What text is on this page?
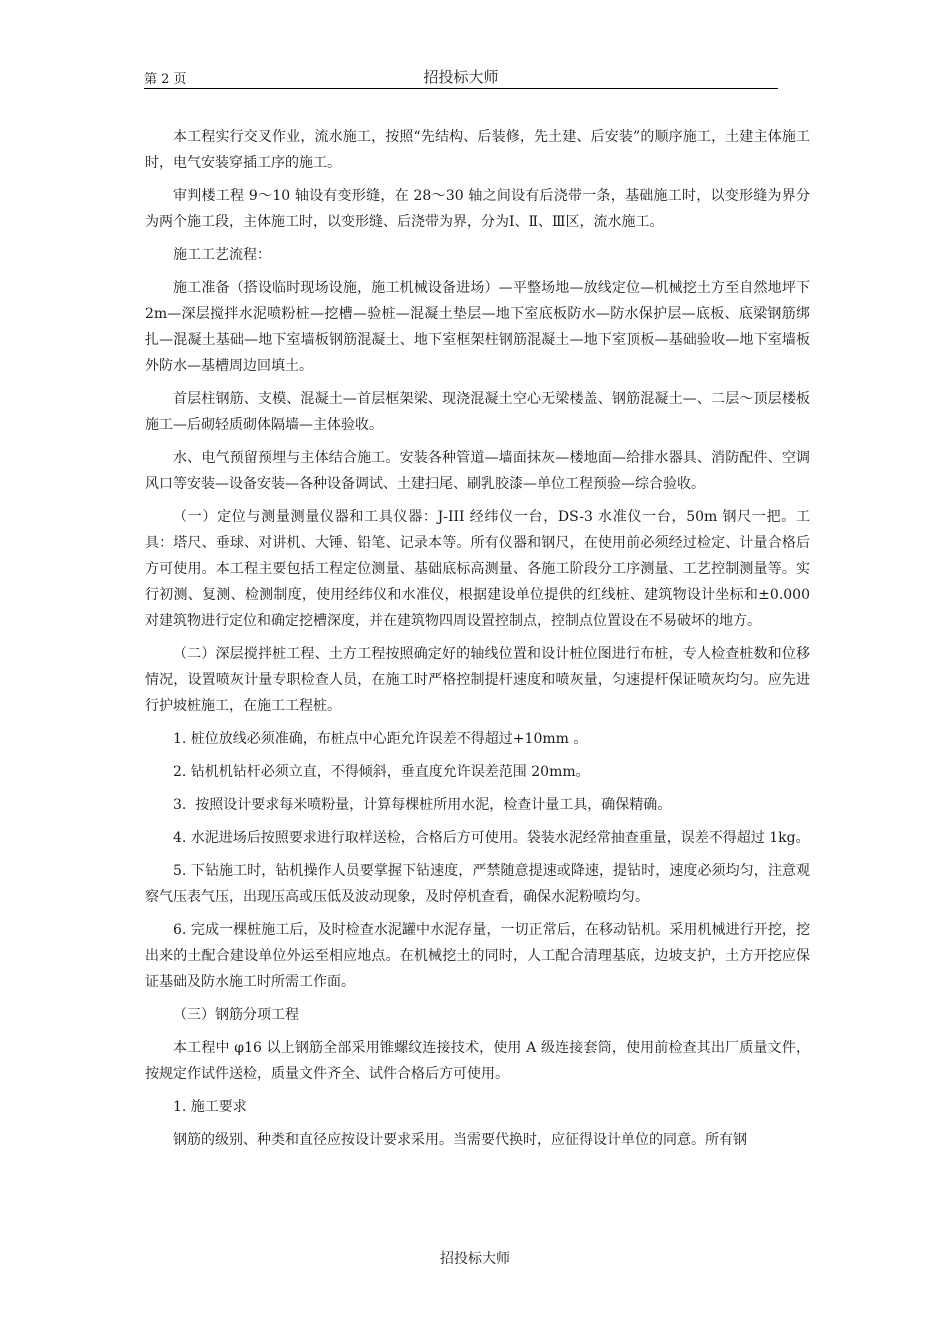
第 2 页	招投标大师

本工程实行交叉作业，流水施工，按照“先结构、后装修，先土建、后安装”的顺序施工，土建主体施工时，电气安装穿插工序的施工。

审判楼工程 9～10 轴设有变形缝，在 28～30 轴之间设有后浇带一条，基础施工时，以变形缝为界分为两个施工段，主体施工时，以变形缝、后浇带为界，分为Ⅰ、Ⅱ、Ⅲ区，流水施工。

施工工艺流程：

施工准备（搭设临时现场设施，施工机械设备进场）—平整场地—放线定位—机械挖土方至自然地坪下 2m—深层搅拌水泥喷粉桩—挖槽—验桩—混凝土垫层—地下室底板防水—防水保护层—底板、底梁钢筋绑扎—混凝土基础—地下室墙板钢筋混凝土、地下室框架柱钢筋混凝土—地下室顶板—基础验收—地下室墙板外防水—基槽周边回填土。

首层柱钢筋、支模、混凝土—首层框架梁、现浇混凝土空心无梁楼盖、钢筋混凝土—、二层～顶层楼板施工—后砌轻质砌体隔墙—主体验收。

水、电气预留预埋与主体结合施工。安装各种管道—墙面抹灰—楼地面—给排水器具、消防配件、空调风口等安装—设备安装—各种设备调试、土建扫尾、刷乳胶漆—单位工程预验—综合验收。

（一）定位与测量测量仪器和工具仪器：J-III 经纬仪一台，DS-3 水准仪一台，50m 钢尺一把。工具：塔尺、垂球、对讲机、大锤、铅笔、记录本等。所有仪器和钢尺，在使用前必须经过检定、计量合格后方可使用。本工程主要包括工程定位测量、基础底标高测量、各施工阶段分工序测量、工艺控制测量等。实行初测、复测、检测制度，使用经纬仪和水准仪，根据建设单位提供的红线桩、建筑物设计坐标和±0.000 对建筑物进行定位和确定挖槽深度，并在建筑物四周设置控制点，控制点位置设在不易破坏的地方。

（二）深层搅拌桩工程、土方工程按照确定好的轴线位置和设计桩位图进行布桩，专人检查桩数和位移情况，设置喷灰计量专职检查人员，在施工时严格控制提杆速度和喷灰量，匀速提杆保证喷灰均匀。应先进行护坡桩施工，在施工工程桩。

1. 桩位放线必须准确，布桩点中心距允许误差不得超过+10mm 。

2. 钻机机钻杆必须立直，不得倾斜，垂直度允许误差范围 20mm。

3.  按照设计要求每米喷粉量，计算每棵桩所用水泥，检查计量工具，确保精确。

4. 水泥进场后按照要求进行取样送检，合格后方可使用。袋装水泥经常抽查重量，误差不得超过 1kg。

5. 下钻施工时，钻机操作人员要掌握下钻速度，严禁随意提速或降速，提钻时，速度必须均匀，注意观察气压表气压，出现压高或压低及波动现象，及时停机查看，确保水泥粉喷均匀。

6. 完成一棵桩施工后，及时检查水泥罐中水泥存量，一切正常后，在移动钻机。采用机械进行开挖，挖出来的土配合建设单位外运至相应地点。在机械挖土的同时，人工配合清理基底，边坡支护，土方开挖应保证基础及防水施工时所需工作面。

（三）钢筋分项工程

本工程中 φ16 以上钢筋全部采用锥螺纹连接技术，使用 A 级连接套筒，使用前检查其出厂质量文件，按规定作试件送检，质量文件齐全、试件合格后方可使用。

1. 施工要求

钢筋的级别、种类和直径应按设计要求采用。当需要代换时，应征得设计单位的同意。所有钢

招投标大师
